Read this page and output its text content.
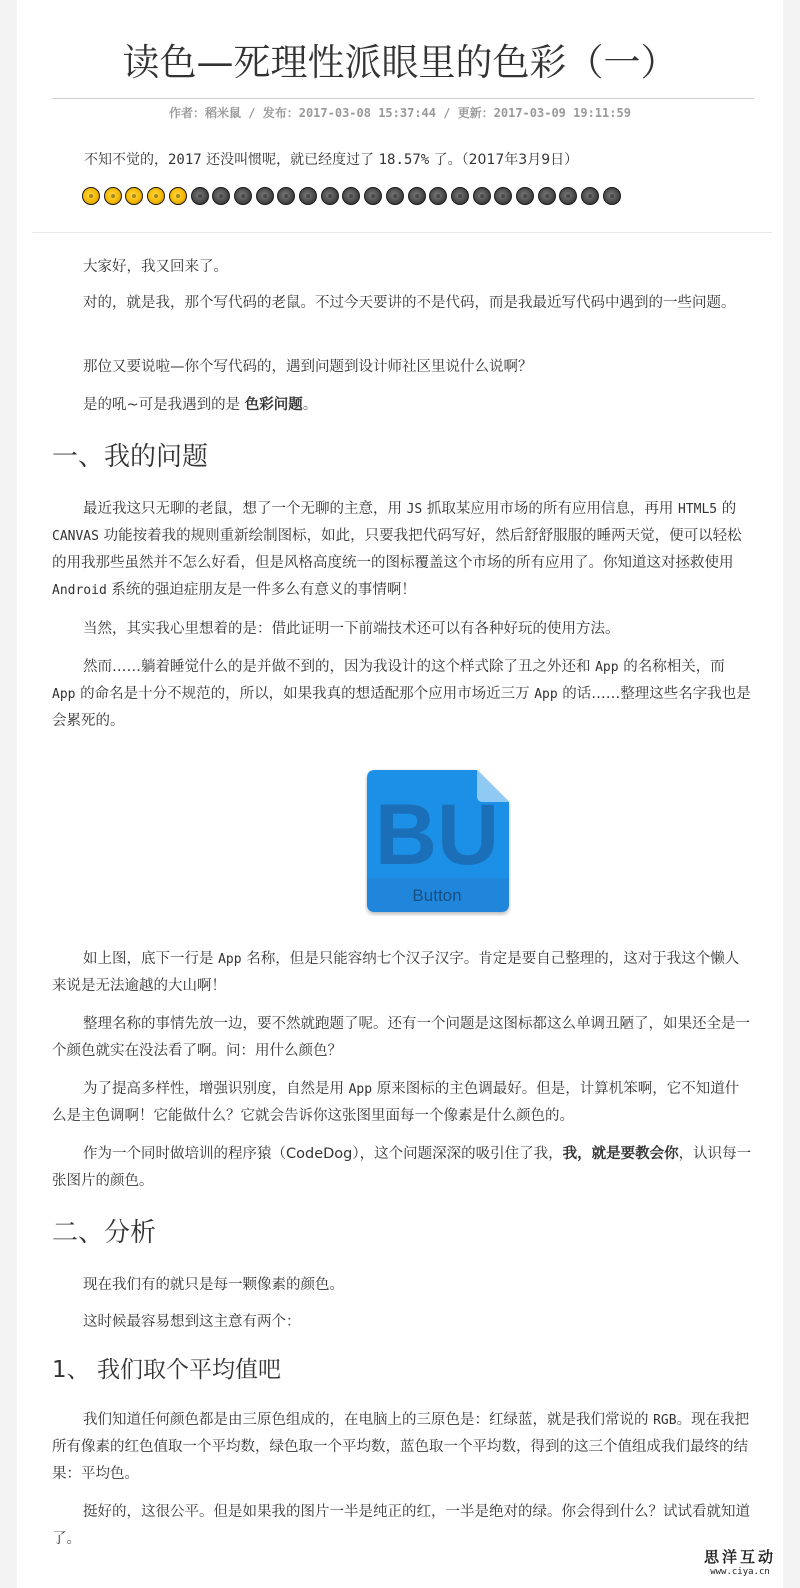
读色—死理性派眼里的色彩（一）
作者：稻米鼠 / 发布：2017-03-08 15:37:44 / 更新：2017-03-09 19:11:59
不知不觉的，2017 还没叫惯呢，就已经度过了 18.57% 了。（2017年3月9日）

大家好，我又回来了。

对的，就是我，那个写代码的老鼠。不过今天要讲的不是代码，而是我最近写代码中遇到的一些问题。

那位又要说啦—你个写代码的，遇到问题到设计师社区里说什么说啊？

是的吼~可是我遇到的是 色彩问题。

一、我的问题

最近我这只无聊的老鼠，想了一个无聊的主意，用 JS 抓取某应用市场的所有应用信息，再用 HTML5 的 CANVAS 功能按着我的规则重新绘制图标，如此，只要我把代码写好，然后舒舒服服的睡两天觉，便可以轻松的用我那些虽然并不怎么好看，但是风格高度统一的图标覆盖这个市场的所有应用了。你知道这对拯救使用 Android 系统的强迫症朋友是一件多么有意义的事情啊！

当然，其实我心里想着的是：借此证明一下前端技术还可以有各种好玩的使用方法。

然而……躺着睡觉什么的是并做不到的，因为我设计的这个样式除了丑之外还和 App 的名称相关，而 App 的命名是十分不规范的，所以，如果我真的想适配那个应用市场近三万 App 的话……整理这些名字我也是会累死的。

BU
Button

如上图，底下一行是 App 名称，但是只能容纳七个汉子汉字。肯定是要自己整理的，这对于我这个懒人来说是无法逾越的大山啊！

整理名称的事情先放一边，要不然就跑题了呢。还有一个问题是这图标都这么单调丑陋了，如果还全是一个颜色就实在没法看了啊。问：用什么颜色？

为了提高多样性，增强识别度，自然是用 App 原来图标的主色调最好。但是，计算机笨啊，它不知道什么是主色调啊！它能做什么？它就会告诉你这张图里面每一个像素是什么颜色的。

作为一个同时做培训的程序猿（CodeDog），这个问题深深的吸引住了我，我，就是要教会你，认识每一张图片的颜色。

二、分析

现在我们有的就只是每一颗像素的颜色。

这时候最容易想到这主意有两个：

1、 我们取个平均值吧

我们知道任何颜色都是由三原色组成的，在电脑上的三原色是：红绿蓝，就是我们常说的 RGB。现在我把所有像素的红色值取一个平均数，绿色取一个平均数，蓝色取一个平均数，得到的这三个值组成我们最终的结果：平均色。

挺好的，这很公平。但是如果我的图片一半是纯正的红，一半是绝对的绿。你会得到什么？试试看就知道了。

思洋互动
www.ciya.cn
